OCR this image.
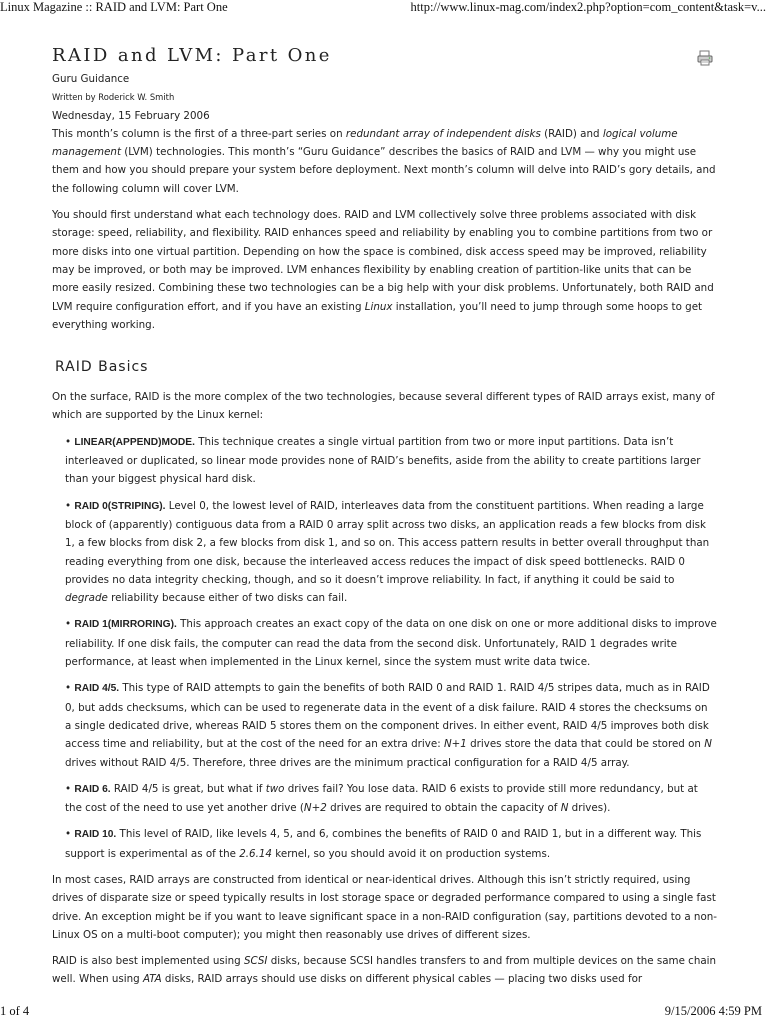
Linux Magazine :: RAID and LVM: Part One	http://www.linux-mag.com/index2.php?option=com_content&task=v...
RAID and LVM: Part One

Guru Guidance

Written by Roderick W. Smith

Wednesday, 15 February 2006

This month’s column is the first of a three-part series on redundant array of independent disks (RAID) and logical volume management (LVM) technologies. This month’s “Guru Guidance” describes the basics of RAID and LVM — why you might use them and how you should prepare your system before deployment. Next month’s column will delve into RAID’s gory details, and the following column will cover LVM.

You should first understand what each technology does. RAID and LVM collectively solve three problems associated with disk storage: speed, reliability, and flexibility. RAID enhances speed and reliability by enabling you to combine partitions from two or more disks into one virtual partition. Depending on how the space is combined, disk access speed may be improved, reliability may be improved, or both may be improved. LVM enhances flexibility by enabling creation of partition-like units that can be more easily resized. Combining these two technologies can be a big help with your disk problems. Unfortunately, both RAID and LVM require configuration effort, and if you have an existing Linux installation, you’ll need to jump through some hoops to get everything working.

RAID Basics

On the surface, RAID is the more complex of the two technologies, because several different types of RAID arrays exist, many of which are supported by the Linux kernel:

• LINEAR(APPEND)MODE. This technique creates a single virtual partition from two or more input partitions. Data isn’t interleaved or duplicated, so linear mode provides none of RAID’s benefits, aside from the ability to create partitions larger than your biggest physical hard disk.

• RAID 0(STRIPING). Level 0, the lowest level of RAID, interleaves data from the constituent partitions. When reading a large block of (apparently) contiguous data from a RAID 0 array split across two disks, an application reads a few blocks from disk 1, a few blocks from disk 2, a few blocks from disk 1, and so on. This access pattern results in better overall throughput than reading everything from one disk, because the interleaved access reduces the impact of disk speed bottlenecks. RAID 0 provides no data integrity checking, though, and so it doesn’t improve reliability. In fact, if anything it could be said to degrade reliability because either of two disks can fail.

• RAID 1(MIRRORING). This approach creates an exact copy of the data on one disk on one or more additional disks to improve reliability. If one disk fails, the computer can read the data from the second disk. Unfortunately, RAID 1 degrades write performance, at least when implemented in the Linux kernel, since the system must write data twice.

• RAID 4/5. This type of RAID attempts to gain the benefits of both RAID 0 and RAID 1. RAID 4/5 stripes data, much as in RAID 0, but adds checksums, which can be used to regenerate data in the event of a disk failure. RAID 4 stores the checksums on a single dedicated drive, whereas RAID 5 stores them on the component drives. In either event, RAID 4/5 improves both disk access time and reliability, but at the cost of the need for an extra drive: N+1 drives store the data that could be stored on N drives without RAID 4/5. Therefore, three drives are the minimum practical configuration for a RAID 4/5 array.

• RAID 6. RAID 4/5 is great, but what if two drives fail? You lose data. RAID 6 exists to provide still more redundancy, but at the cost of the need to use yet another drive (N+2 drives are required to obtain the capacity of N drives).

• RAID 10. This level of RAID, like levels 4, 5, and 6, combines the benefits of RAID 0 and RAID 1, but in a different way. This support is experimental as of the 2.6.14 kernel, so you should avoid it on production systems.

In most cases, RAID arrays are constructed from identical or near-identical drives. Although this isn’t strictly required, using drives of disparate size or speed typically results in lost storage space or degraded performance compared to using a single fast drive. An exception might be if you want to leave significant space in a non-RAID configuration (say, partitions devoted to a non-Linux OS on a multi-boot computer); you might then reasonably use drives of different sizes.

RAID is also best implemented using SCSI disks, because SCSI handles transfers to and from multiple devices on the same chain well. When using ATA disks, RAID arrays should use disks on different physical cables — placing two disks used for

1 of 4	9/15/2006 4:59 PM
